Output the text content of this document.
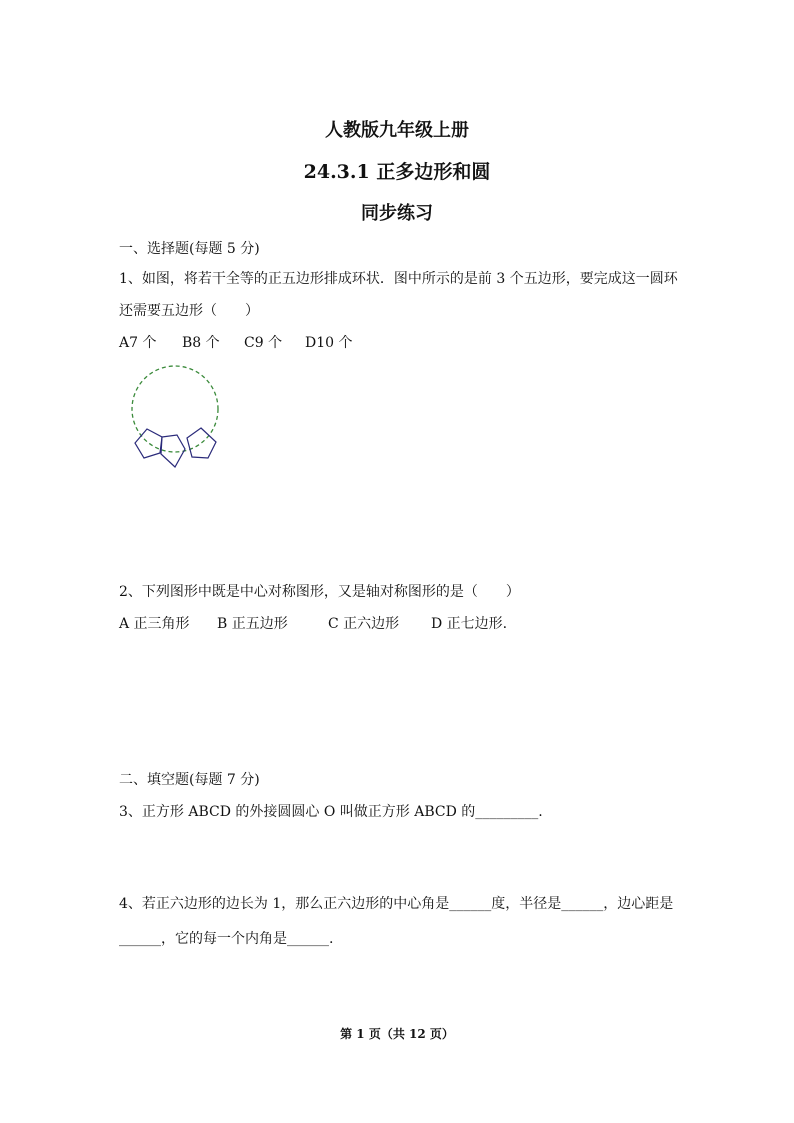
人教版九年级上册
24.3.1 正多边形和圆
同步练习
一、选择题(每题 5 分)
1、如图，将若干全等的正五边形排成环状．图中所示的是前 3 个五边形，要完成这一圆环
还需要五边形（　　）
A7 个 B8 个 C9 个 D10 个
2、下列图形中既是中心对称图形，又是轴对称图形的是（　　）
A 正三角形 B 正五边形	C 正六边形 D 正七边形.
二、填空题(每题 7 分)
3、正方形 ABCD 的外接圆圆心 O 叫做正方形 ABCD 的_________.
4、若正六边形的边长为 1，那么正六边形的中心角是______度，半径是______，边心距是
______，它的每一个内角是______.
第 1 页（共 12 页）
